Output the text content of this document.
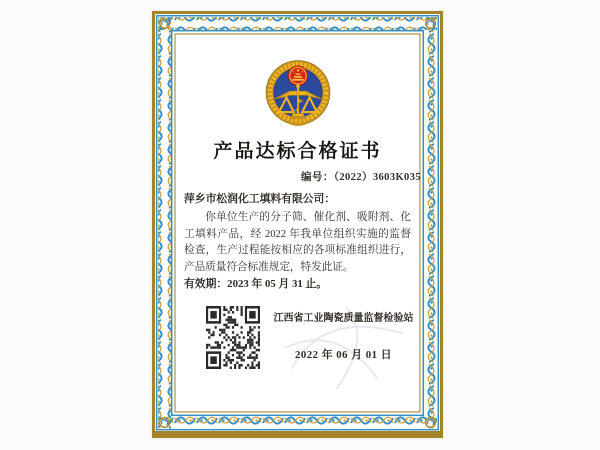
产品达标合格证书
编号：（2022）3603K035
萍乡市松润化工填料有限公司：

你单位生产的分子筛、催化剂、吸附剂、化工填料产品，经 2022 年我单位组织实施的监督检查，生产过程能按相应的各项标准组织进行，产品质量符合标准规定，特发此证。

有效期：2023 年 05 月 31 止。
江西省工业陶瓷质量监督检验站
2022 年 06 月 01 日
